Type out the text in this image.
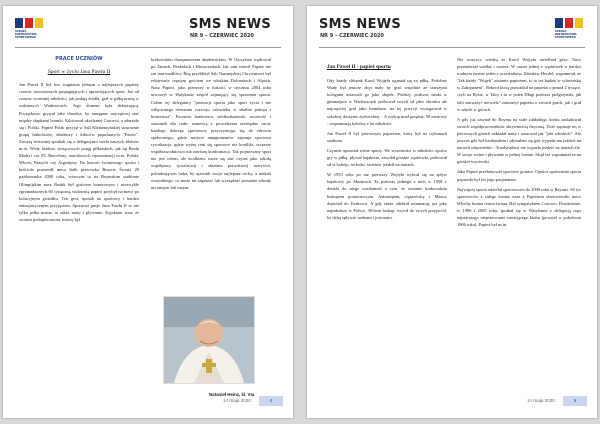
SZKOŁA MISTRZOSTWA
SPORTOWEGO
SMS NEWS
NR 9 – CZERWIEC 2020
PRACE UCZNIÓW
Sport w życiu Jana Pawła II

Jan Paweł II był bez wątpienia jednym z najlepszych papieży czasów nowożytnych propagujących i uprawiających sport. Już od czasów wczesnej młodości, jak podają źródła, grał w piłkę nożną w rodzinnych Wadowicach. Jego domem była debiutującą. Początkowo grywał jako obrońca, by następnie najczęściej stać między słupkami bramki. Kibicował ukochanej Cracovii, a zdarzało się i Polski. Papież Polak przyjął w Sali Klementyńskiej stosownie grupę futbolistów, działaczy i kibiców popularnych "Pasów". Zresztą wezwniej spotkali się z delegacjami wielu naszych klubów m.in. Wisły krakow, tysiącowych potęg piłkarskich, jak np Realu Madryt czy FC Barcelony, narodowych reprezentacji m.in. Polski, Włoch, Brazylii czy Argentyny. Do historii światowego sportu i kościoła przeszedł mecz Italii przeciwko Reszcie Świata 29 października 2000 roku, wówczas to na Rzymskim stadionie Olimpijskim nasz Rodak był gościem honorowym i niezwykle zgromadzonych 60 tysięczną widownią papież przybył na mecz po kolacyjnym gwizdku. Ten gest, sposób na sportowy i bardzo entuzjastycznym przyjęciem. Sportowe pasje Jana Pawła II to nie tylko piłka nożna, to także narty i pływanie. Kajakami wraz ze swoimi podopiecznymi, którzy był

krakowskim duszpasterzem akademickim. W Ojczyźnie wędrował po Tatrach, Beskidach i Bieszczadach. Jak sam mówił Papież nie raz tam modlitwy Bóg przybliżył Sali Nazarejskiej Chrystusowi był relatywnie częstym gościem we włoskim Dolomitach i Alpach. Nasz Papież, jako pierwszy w historii, w styczniu 2004 roku utworzył w Watykanie zespół zajmujący się sprawami sportu. Celem tej delegatury "promocji sportu jako sport życia i nie odłączonego elementu rozwoju człowieka w służbie pokoju i braterstwa". Poczucie braterstwa, wielkoduszność, szczerość i szacunek dla ciała- stanowią z powodzenia niezbędne cnoty każdego dobrego sportowca, przyczyniając się do zdrowia społecznego, gdzie miejsce antagonizmów zajmuje sportowa rywalizacja, gdzie wyżej ceni się sportowe niż konflikt, szczerze współzawodnictwo niż zawiszę konfrontacji. Tak pojmowany sport nie jest celem, ale środkiem: może się stać czymś jako szkołą współpracy rywalizacji i służenia prawdziwej rozrywce, pobudzającym ludzi, by ujawnili swoje najlepsze cechy, a unikali wszystkiego, co może im zagrażać lub wyrządzać poważne szkody im samym lub innym.

Natanieł Heinz, kl. VIa
14 maja 2020	4
SMS NEWS
NR 9 – CZERWIEC 2020
SZKOŁA MISTRZOSTWA
SPORTOWEGO
Jan Paweł II - papież sportu

Gdy każdy chłopak Karol Wojtyła uganiał się za piłką. Podobno Wady był jeszcze zbyt mały by grać wspólnie ze starszymi kolegami ustawiali go jako słupek. Później, podczas nauki w gimnazjum w Wadowicach próbował swych sił jako obrońca ale najczęściej grał jako bramkarz, na tej pozycji występował w szkolnej drużynie żydowskiej. - A wykop miał potężny, 50 metrowy - wspominają koledzy z lat młodości.

Jan Paweł II był pierwszym papieżem, który był na trybunach stadionu.

Czynnie uprawiał różne sporty. We wczesności w młodości oprócz gry w piłkę, pływał kajakiem, zawołał górskie wędrówki, próbował sił w hokeju, na łodzi, świetnie jeździł na nartach.

W 1953 roku po raz pierwszy Wojtyła wybrał się na spływ kajakowy po Mazurach. Ta podczas jednego z nich w 1958 r. dotarła do niego wiadomość o tym, że zostanie krakowskim biskupem pomocniczym. Antostepem, ciężarówką z Mazur, dojechał do Krakowa. A gdy także odebrał nominację już jako najmłodszy w Polsce, 38-letni biskup, wrócił do swych przyjaciół, by dalej spływać rzekami i jeziorami.

Nie wszyscy wiedzą że Karol Wojtyła uwielbiał góry. Tatry przemierzał wzdłuż i wszerz. W czasie jednej z wędrówek w bardzo trudnym terenie jeden z uczestników, Zdzisław Heydel, wspomniał, że "Jak każdy "Wujek" zostanie papieżem, to to też będzie w schronisku w Zakopanem". Rekord którą prowadził na papieżu o ponad 2 tysiące, czyli na Rysie, w Tatry i tu w jeden Długi podczas pielgrzymki, jak lubi zauważyć niewiele" zauważył papieżu o swoich grach, jak i grał w szkole w górach.

A gdy już zawitał do Rzymu na stałe zakładając kroku zaskakiwał swoich współpracowników aktywnością fizyczną. Dość zapisuje im w pierwszych górach zakładał narty i szusował jak "jaki włoskich". Ale jeszcze gdy był kardynałem i pływałem się gdy wypada mu jeździć na nartach odpowiedzi. - Kardynałowi nie wypada jeździć na nartach źle. W swoje wolne i pływanie w pełnej formie. Skąd też wspomniał że na górskie wycieczki.

Jako Papież przełamywał sportowe granice. Oprócz uprawiania sportu poprzeda był też jego pasjonatem.

Najwięcej sportu udzielał sportowcom do 2000 roku w Rzymie. 60 tys sportowców z całego świata wraz z Papieżem obserwowało mecz Włochy kontra reszta świata. Był sympatykiem Cracovii. Dwukrotnie, w 1996 i 2005 roku, spotkał się w Watykanie z delegacją tego najstarszego nieprzerwanie istniejącego klubu (powstał w pokoleniu 1906 roku). Papież był m.in.

14 maja 2020	5
